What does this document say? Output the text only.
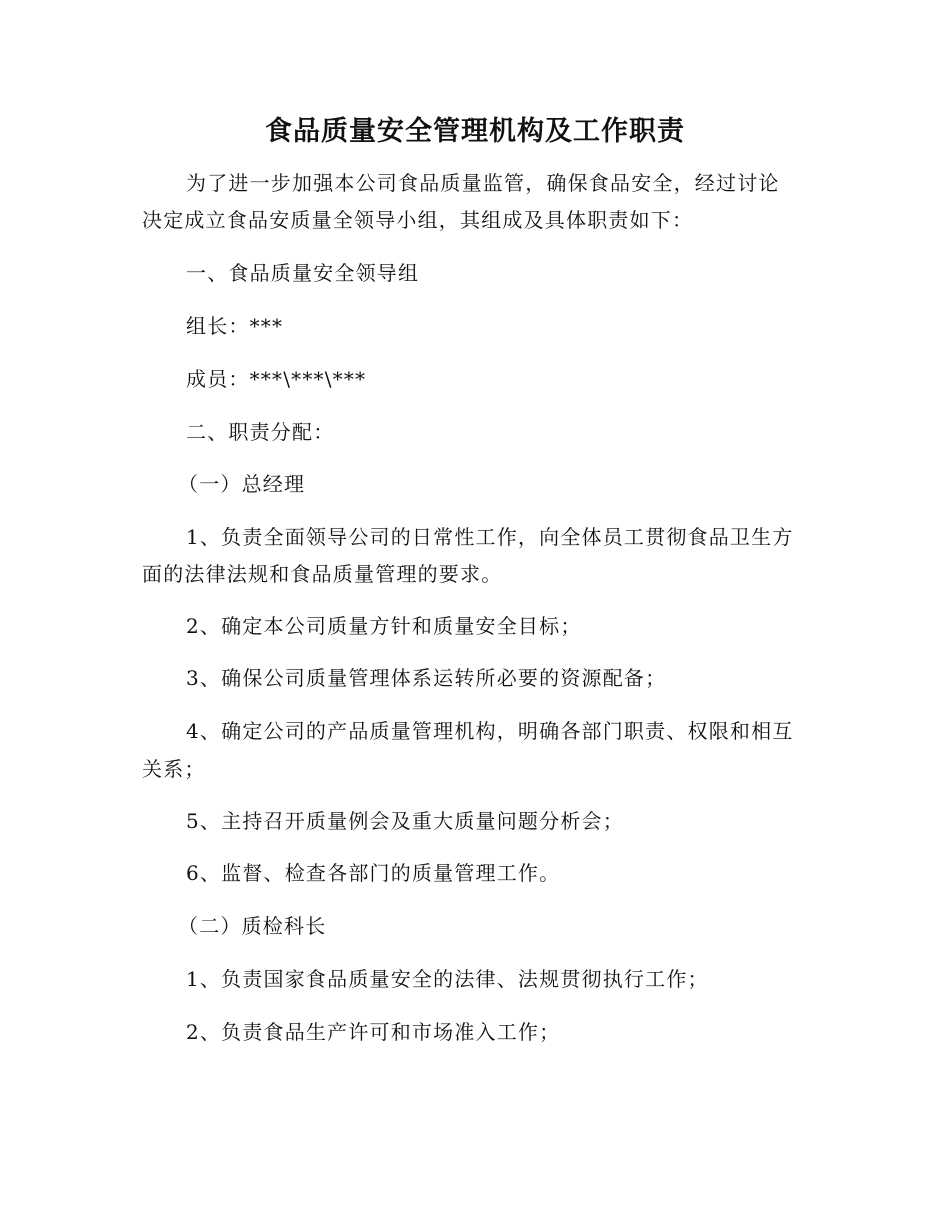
食品质量安全管理机构及工作职责
为了进一步加强本公司食品质量监管，确保食品安全，经过讨论
决定成立食品安质量全领导小组，其组成及具体职责如下：
一、食品质量安全领导组
组长：***
成员：***\***\***
二、职责分配：
（一）总经理
1、负责全面领导公司的日常性工作，向全体员工贯彻食品卫生方
面的法律法规和食品质量管理的要求。
2、确定本公司质量方针和质量安全目标；
3、确保公司质量管理体系运转所必要的资源配备；
4、确定公司的产品质量管理机构，明确各部门职责、权限和相互
关系；
5、主持召开质量例会及重大质量问题分析会；
6、监督、检查各部门的质量管理工作。
（二）质检科长
1、负责国家食品质量安全的法律、法规贯彻执行工作；
2、负责食品生产许可和市场准入工作；
